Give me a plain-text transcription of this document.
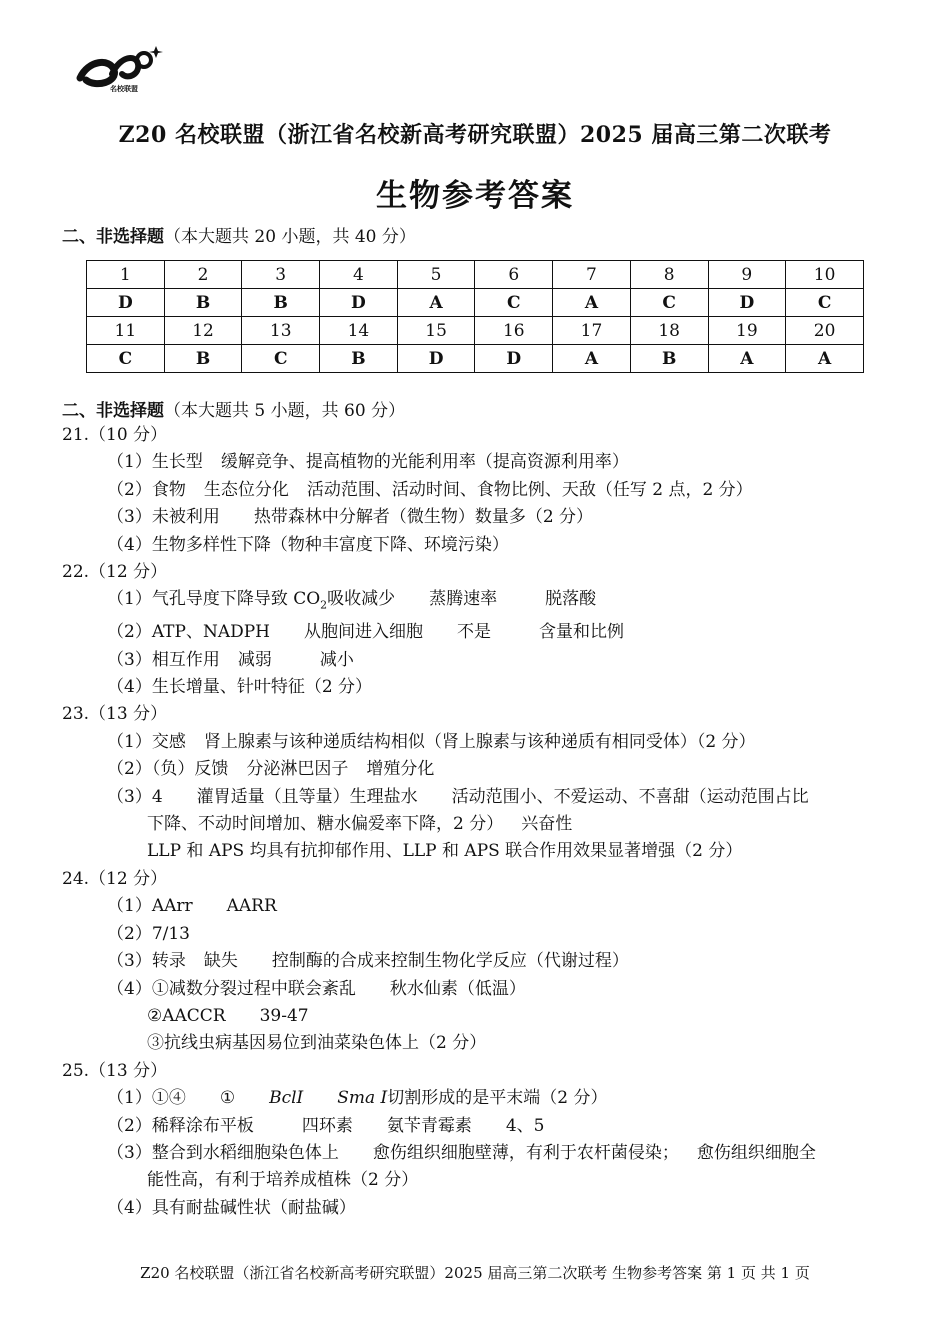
名校联盟
Z20 名校联盟（浙江省名校新高考研究联盟）2025 届高三第二次联考
生物参考答案
二、非选择题（本大题共 20 小题，共 40 分）
1	2	3	4	5	6	7	8	9	10
D	B	B	D	A	C	A	C	D	C
11	12	13	14	15	16	17	18	19	20
C	B	C	B	D	D	A	B	A	A
二、非选择题（本大题共 5 小题，共 60 分）
21.（10 分）
（1）生长型 缓解竞争、提高植物的光能利用率（提高资源利用率）
（2）食物 生态位分化 活动范围、活动时间、食物比例、天敌（任写 2 点，2 分）
（3）未被利用 热带森林中分解者（微生物）数量多（2 分）
（4）生物多样性下降（物种丰富度下降、环境污染）
22.（12 分）
（1）气孔导度下降导致 $CO_2$吸收减少 蒸腾速率	脱落酸
（2）ATP、NADPH 从胞间进入细胞 不是	含量和比例
（3）相互作用 减弱	减小
（4）生长增量、针叶特征（2 分）
23.（13 分）
（1）交感 肾上腺素与该种递质结构相似（肾上腺素与该种递质有相同受体）（2 分）
（2）（负）反馈 分泌淋巴因子 增殖分化
（3）4 灌胃适量（且等量）生理盐水 活动范围小、不爱运动、不喜甜（运动范围占比
下降、不动时间增加、糖水偏爱率下降，2 分） 兴奋性
LLP 和 APS 均具有抗抑郁作用、LLP 和 APS 联合作用效果显著增强（2 分）
24.（12 分）
（1）AArr AARR
（2）7/13
（3）转录 缺失 控制酶的合成来控制生物化学反应（代谢过程）
（4）①减数分裂过程中联会紊乱 秋水仙素（低温）
②AACCR 39-47
③抗线虫病基因易位到油菜染色体上（2 分）
25.（13 分）
（1）①④ ① BclI Sma I切割形成的是平末端（2 分）
（2）稀释涂布平板	四环素 氨苄青霉素 4、5
（3）整合到水稻细胞染色体上 愈伤组织细胞壁薄，有利于农杆菌侵染； 愈伤组织细胞全
能性高，有利于培养成植株（2 分）
（4）具有耐盐碱性状（耐盐碱）
Z20 名校联盟（浙江省名校新高考研究联盟）2025 届高三第二次联考 生物参考答案 第 1 页 共 1 页
